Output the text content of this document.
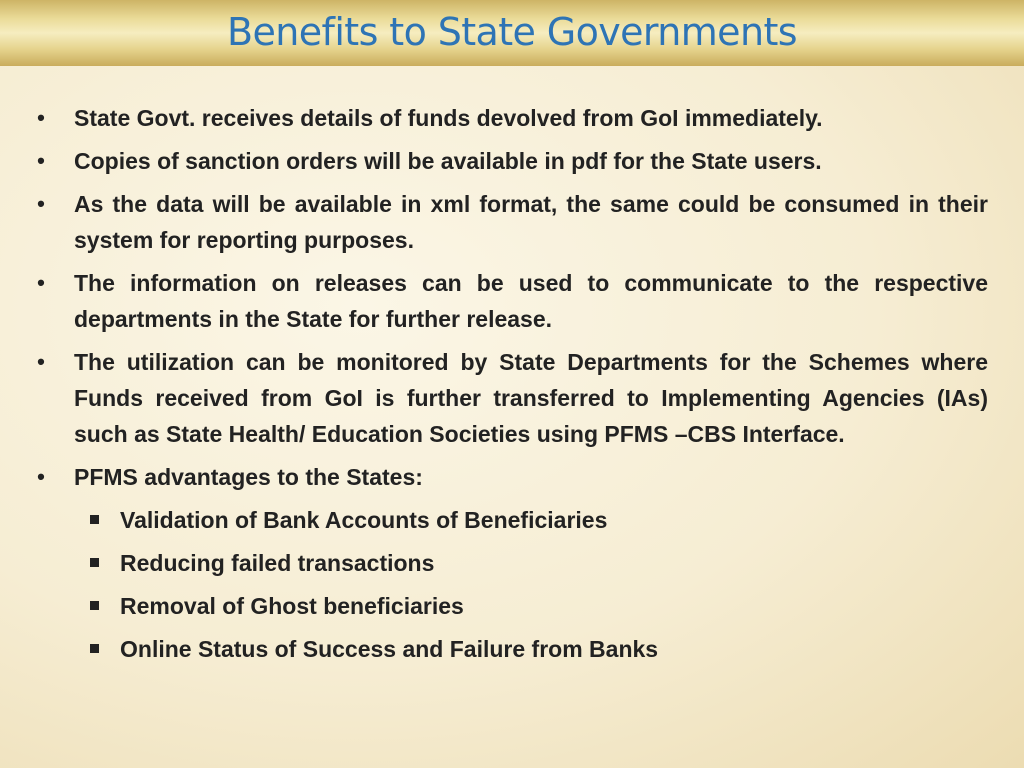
Benefits to State Governments
• State Govt. receives details of funds devolved from GoI immediately.
• Copies of sanction orders will be available in pdf for the State users.
• As the data will be available in xml format, the same could be consumed in their system for reporting purposes.
• The information on releases can be used to communicate to the respective departments in the State for further release.
• The utilization can be monitored by State Departments for the Schemes where Funds received from GoI is further transferred to Implementing Agencies (IAs) such as State Health/ Education Societies using PFMS –CBS Interface.
• PFMS advantages to the States:
Validation of Bank Accounts of Beneficiaries
Reducing failed transactions
Removal of Ghost beneficiaries
Online Status of Success and Failure from Banks
